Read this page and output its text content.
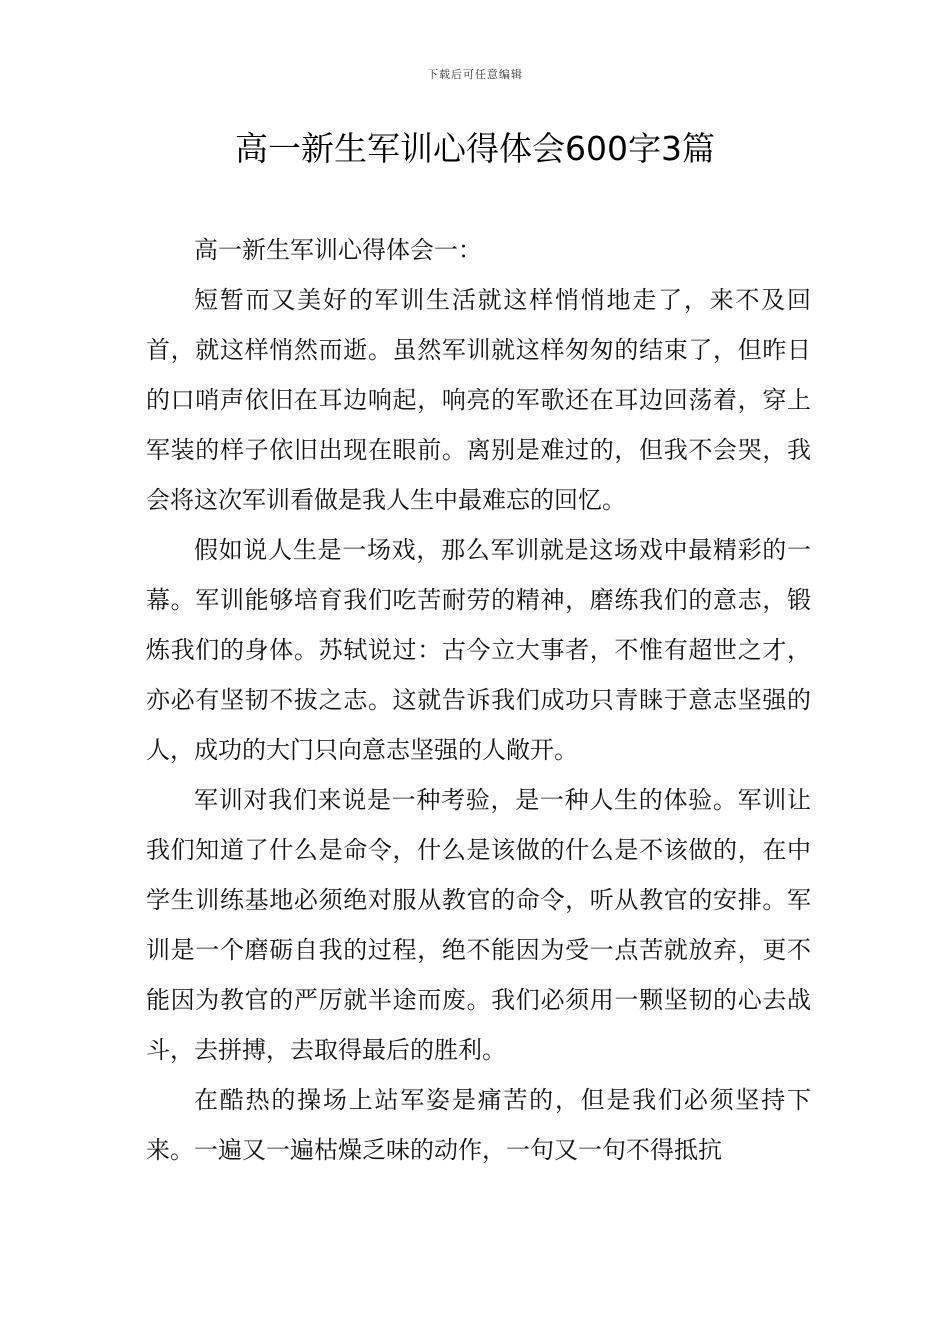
下载后可任意编辑
高一新生军训心得体会600字3篇

高一新生军训心得体会一：

短暂而又美好的军训生活就这样悄悄地走了，来不及回首，就这样悄然而逝。虽然军训就这样匆匆的结束了，但昨日的口哨声依旧在耳边响起，响亮的军歌还在耳边回荡着，穿上军装的样子依旧出现在眼前。离别是难过的，但我不会哭，我会将这次军训看做是我人生中最难忘的回忆。

假如说人生是一场戏，那么军训就是这场戏中最精彩的一幕。军训能够培育我们吃苦耐劳的精神，磨练我们的意志，锻炼我们的身体。苏轼说过：古今立大事者，不惟有超世之才，亦必有坚韧不拔之志。这就告诉我们成功只青睐于意志坚强的人，成功的大门只向意志坚强的人敞开。

军训对我们来说是一种考验，是一种人生的体验。军训让我们知道了什么是命令，什么是该做的什么是不该做的，在中学生训练基地必须绝对服从教官的命令，听从教官的安排。军训是一个磨砺自我的过程，绝不能因为受一点苦就放弃，更不能因为教官的严厉就半途而废。我们必须用一颗坚韧的心去战斗，去拼搏，去取得最后的胜利。

在酷热的操场上站军姿是痛苦的，但是我们必须坚持下来。一遍又一遍枯燥乏味的动作，一句又一句不得抵抗
